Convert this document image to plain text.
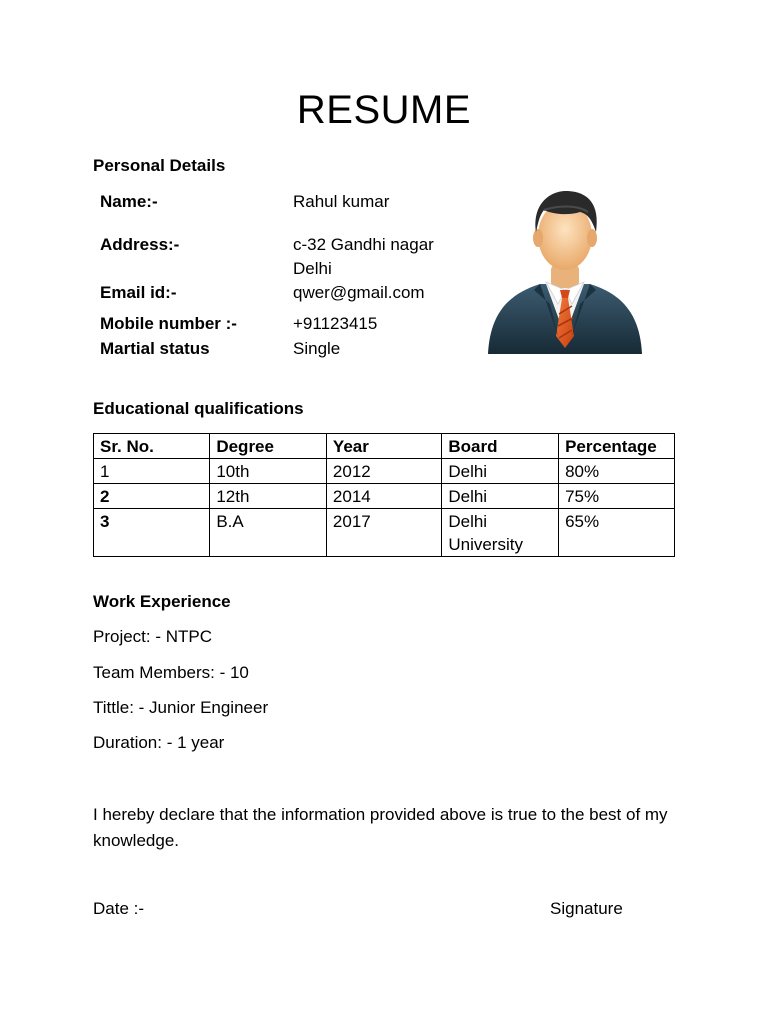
RESUME
Personal Details
Name:-	Rahul kumar
Address:-	c-32 Gandhi nagar
Delhi
Email id:-	qwer@gmail.com
Mobile number :-	+91123415
Martial status	Single
Educational qualifications
Sr. No.	Degree	Year	Board	Percentage
1	10th	2012	Delhi	80%
2	12th	2014	Delhi	75%
3	B.A	2017	Delhi University	65%
Work Experience
Project: - NTPC
Team Members: - 10
Tittle: - Junior Engineer
Duration: - 1 year
I hereby declare that the information provided above is true to the best of my knowledge.
Date :-	Signature
